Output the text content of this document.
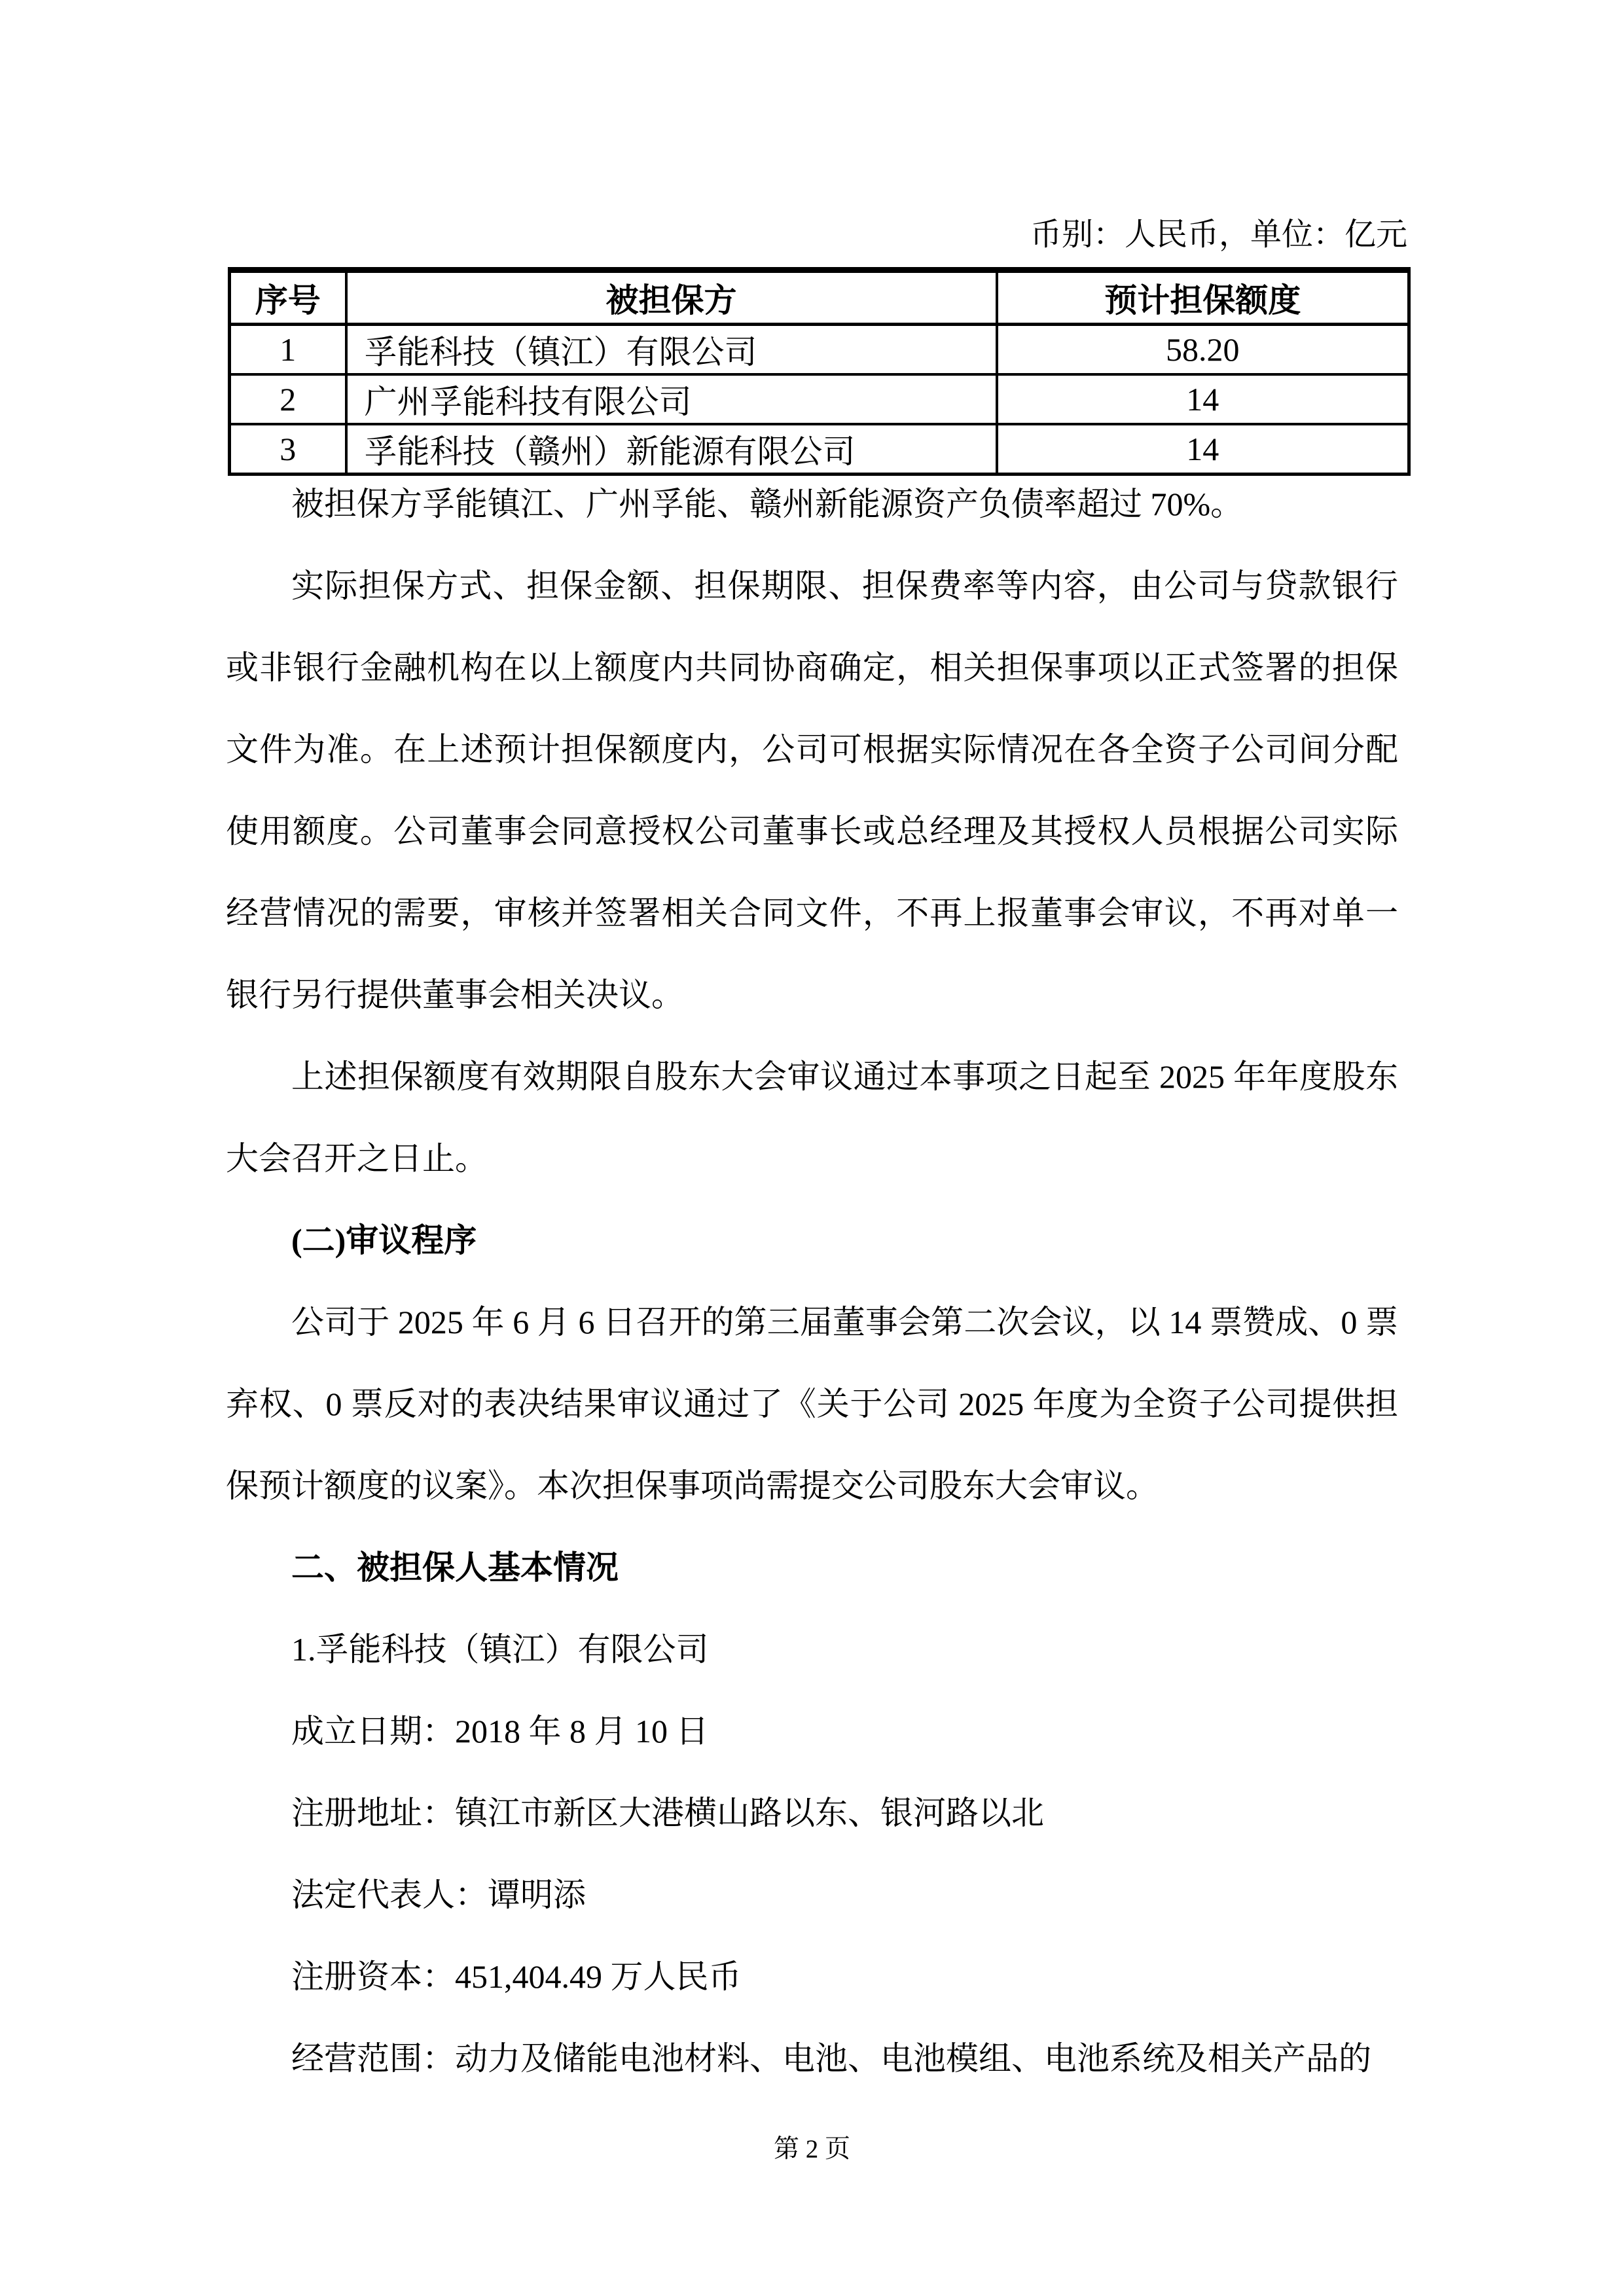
币别：人民币，单位：亿元
序号	被担保方	预计担保额度
1	孚能科技（镇江）有限公司	58.20
2	广州孚能科技有限公司	14
3	孚能科技（赣州）新能源有限公司	14

被担保方孚能镇江、广州孚能、赣州新能源资产负债率超过 70%。

实际担保方式、担保金额、担保期限、担保费率等内容，由公司与贷款银行或非银行金融机构在以上额度内共同协商确定，相关担保事项以正式签署的担保文件为准。在上述预计担保额度内，公司可根据实际情况在各全资子公司间分配使用额度。公司董事会同意授权公司董事长或总经理及其授权人员根据公司实际经营情况的需要，审核并签署相关合同文件，不再上报董事会审议，不再对单一银行另行提供董事会相关决议。

上述担保额度有效期限自股东大会审议通过本事项之日起至 2025 年年度股东大会召开之日止。

(二)审议程序

公司于 2025 年 6 月 6 日召开的第三届董事会第二次会议，以 14 票赞成、0 票弃权、0 票反对的表决结果审议通过了《关于公司 2025 年度为全资子公司提供担保预计额度的议案》。本次担保事项尚需提交公司股东大会审议。

二、被担保人基本情况

1.孚能科技（镇江）有限公司

成立日期：2018 年 8 月 10 日

注册地址：镇江市新区大港横山路以东、银河路以北

法定代表人：谭明添

注册资本：451,404.49 万人民币

经营范围：动力及储能电池材料、电池、电池模组、电池系统及相关产品的

第 2 页
